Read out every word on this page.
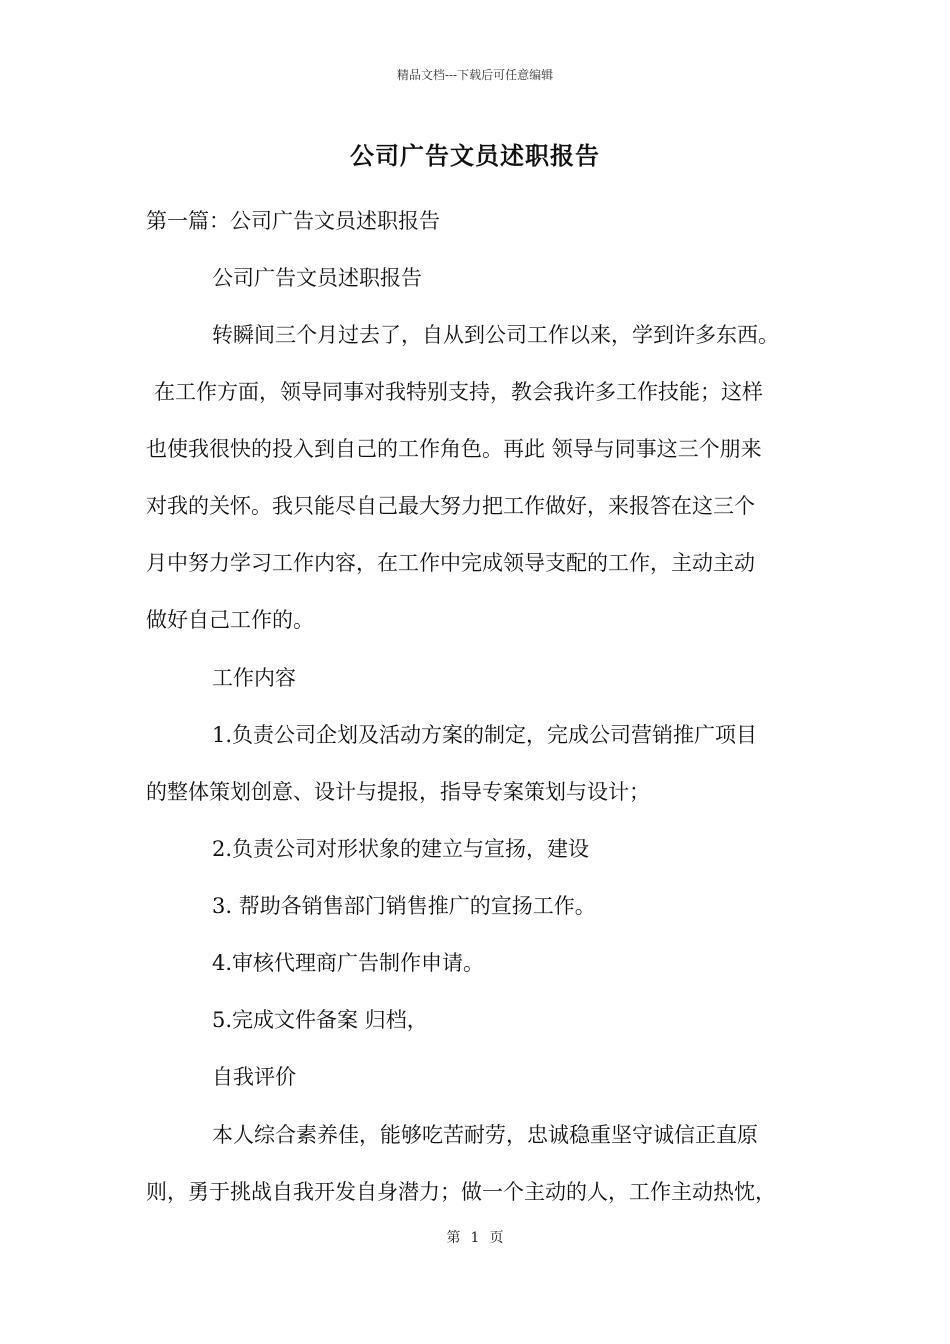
精品文档---下载后可任意编辑
公司广告文员述职报告
第一篇：公司广告文员述职报告
公司广告文员述职报告
转瞬间三个月过去了，自从到公司工作以来，学到许多东西。
在工作方面，领导同事对我特别支持，教会我许多工作技能；这样
也使我很快的投入到自己的工作角色。再此 领导与同事这三个朋来
对我的关怀。我只能尽自己最大努力把工作做好，来报答在这三个
月中努力学习工作内容，在工作中完成领导支配的工作，主动主动
做好自己工作的。
工作内容
1.负责公司企划及活动方案的制定，完成公司营销推广项目
的整体策划创意、设计与提报，指导专案策划与设计；
2.负责公司对形状象的建立与宣扬，建设
3. 帮助各销售部门销售推广的宣扬工作。
4.审核代理商广告制作申请。
5.完成文件备案 归档，
自我评价
本人综合素养佳，能够吃苦耐劳，忠诚稳重坚守诚信正直原
则，勇于挑战自我开发自身潜力；做一个主动的人，工作主动热忱，
第 1 页
